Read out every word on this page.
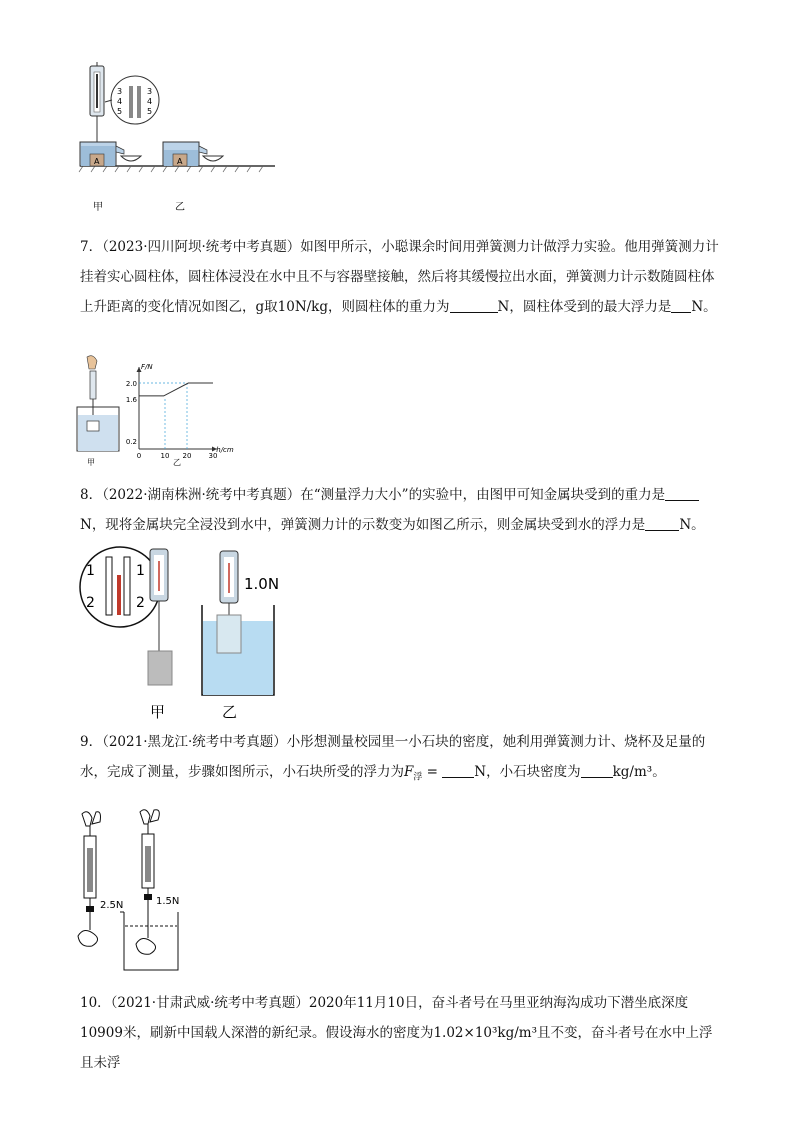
3
4
5
3
4
5
A	A
甲	乙
7．（2023·四川阿坝·统考中考真题）如图甲所示，小聪课余时间用弹簧测力计做浮力实验。他用弹簧测力计挂着实心圆柱体，圆柱体浸没在水中且不与容器壁接触，然后将其缓慢拉出水面，弹簧测力计示数随圆柱体上升距离的变化情况如图乙，g取10N/kg，则圆柱体的重力为	N，圆柱体受到的最大浮力是 N。
甲	乙
F/N
h/cm
2.0
1.6
0.2
0	10 20 30
8．（2022·湖南株洲·统考中考真题）在“测量浮力大小”的实验中，由图甲可知金属块受到的重力是N，现将金属块完全浸没到水中，弹簧测力计的示数变为如图乙所示，则金属块受到水的浮力是	N。
1
2
1
2
甲
1.0N
乙
9．（2021·黑龙江·统考中考真题）小彤想测量校园里一小石块的密度，她利用弹簧测力计、烧杯及足量的水，完成了测量，步骤如图所示，小石块所受的浮力为$F_浮 = N$，小石块密度为 kg/m³。
2.5N	1.5N
10．（2021·甘肃武威·统考中考真题）2020年11月10日，奋斗者号在马里亚纳海沟成功下潜坐底深度10909米，刷新中国载人深潜的新纪录。假设海水的密度为1.02×10³kg/m³且不变，奋斗者号在水中上浮且未浮
